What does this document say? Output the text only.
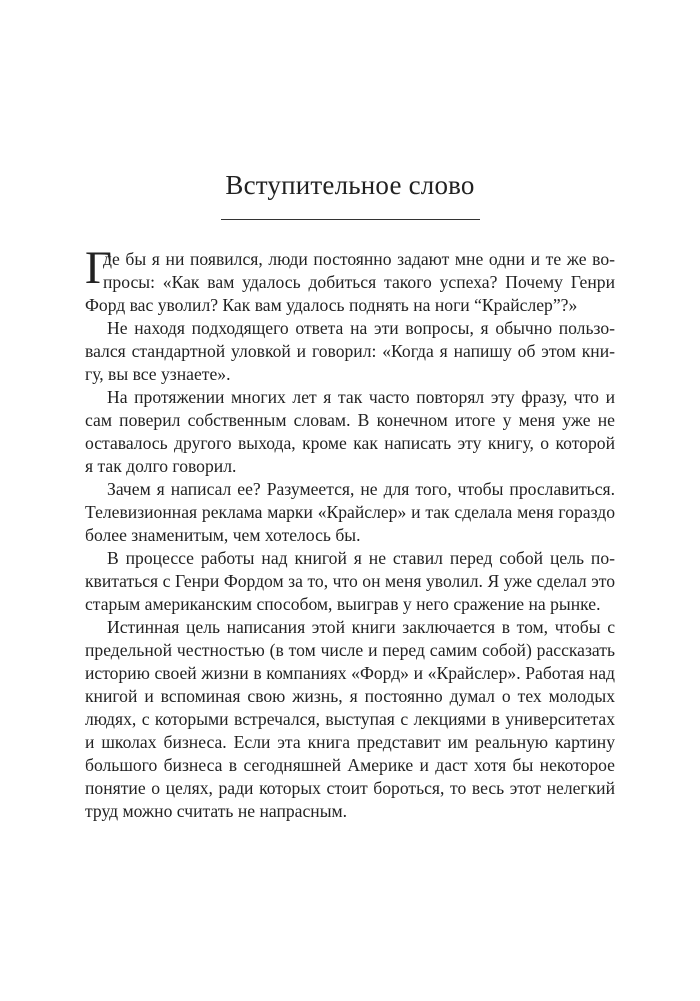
Вступительное слово
Г
де бы я ни появился, люди постоянно задают мне одни и те же во-
просы: «Как вам удалось добиться такого успеха? Почему Генри
Форд вас уволил? Как вам удалось поднять на ноги “Крайслер”?»
Не находя подходящего ответа на эти вопросы, я обычно пользо-
вался стандартной уловкой и говорил: «Когда я напишу об этом кни-
гу, вы все узнаете».
На протяжении многих лет я так часто повторял эту фразу, что и
сам поверил собственным словам. В конечном итоге у меня уже не
оставалось другого выхода, кроме как написать эту книгу, о которой
я так долго говорил.
Зачем я написал ее? Разумеется, не для того, чтобы прославиться.
Телевизионная реклама марки «Крайслер» и так сделала меня гораздо
более знаменитым, чем хотелось бы.
В процессе работы над книгой я не ставил перед собой цель по-
квитаться с Генри Фордом за то, что он меня уволил. Я уже сделал это
старым американским способом, выиграв у него сражение на рынке.
Истинная цель написания этой книги заключается в том, чтобы с
предельной честностью (в том числе и перед самим собой) рассказать
историю своей жизни в компаниях «Форд» и «Крайслер». Работая над
книгой и вспоминая свою жизнь, я постоянно думал о тех молодых
людях, с которыми встречался, выступая с лекциями в университетах
и школах бизнеса. Если эта книга представит им реальную картину
большого бизнеса в сегодняшней Америке и даст хотя бы некоторое
понятие о целях, ради которых стоит бороться, то весь этот нелегкий
труд можно считать не напрасным.
